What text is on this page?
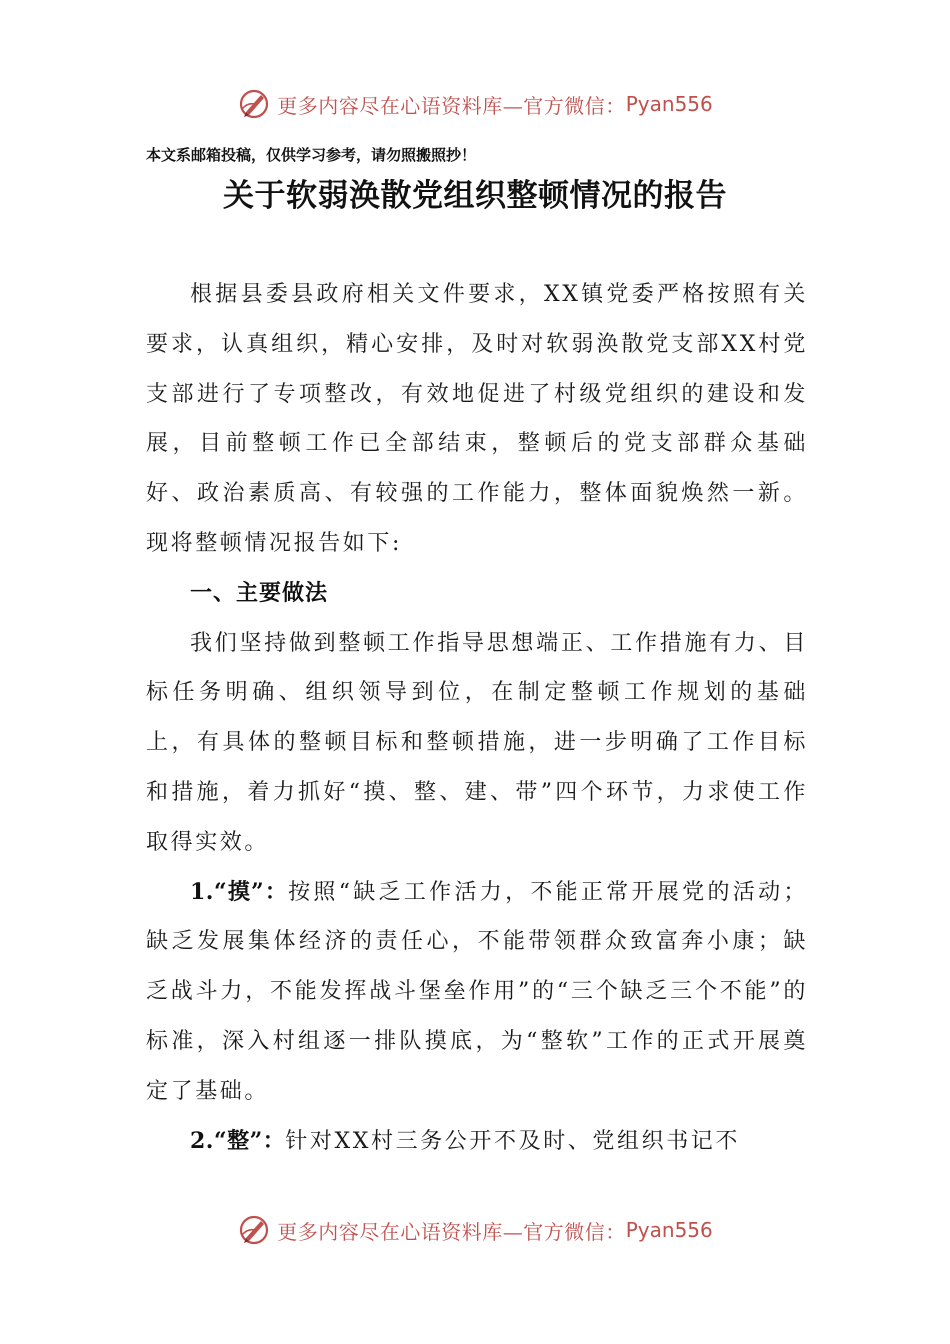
更多内容尽在心语资料库—官方微信： Pyan556
本文系邮箱投稿，仅供学习参考，请勿照搬照抄！
关于软弱涣散党组织整顿情况的报告

根据县委县政府相关文件要求，XX镇党委严格按照有关要求，认真组织，精心安排，及时对软弱涣散党支部XX村党支部进行了专项整改，有效地促进了村级党组织的建设和发展，目前整顿工作已全部结束，整顿后的党支部群众基础好、政治素质高、有较强的工作能力，整体面貌焕然一新。现将整顿情况报告如下:

一、主要做法

我们坚持做到整顿工作指导思想端正、工作措施有力、目标任务明确、组织领导到位，在制定整顿工作规划的基础上，有具体的整顿目标和整顿措施，进一步明确了工作目标和措施，着力抓好“摸、整、建、带”四个环节，力求使工作取得实效。

1.“摸”：按照“缺乏工作活力，不能正常开展党的活动；缺乏发展集体经济的责任心，不能带领群众致富奔小康；缺乏战斗力，不能发挥战斗堡垒作用”的“三个缺乏三个不能”的标准，深入村组逐一排队摸底，为“整软”工作的正式开展奠定了基础。

2.“整”：针对XX村三务公开不及时、党组织书记不

更多内容尽在心语资料库—官方微信： Pyan556
